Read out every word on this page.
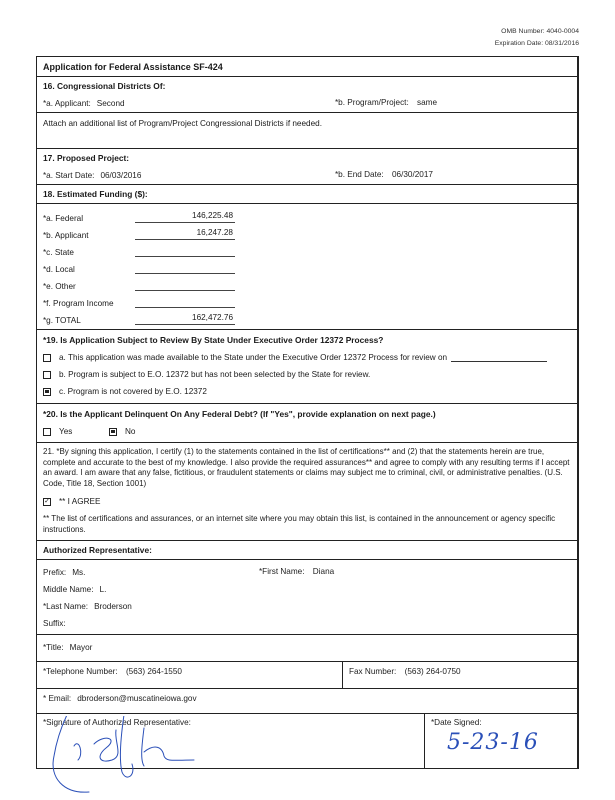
OMB Number: 4040-0004
Expiration Date: 08/31/2016
Application for Federal Assistance SF-424
16. Congressional Districts Of:
*a. Applicant: Second	*b. Program/Project: same
Attach an additional list of Program/Project Congressional Districts if needed.
17. Proposed Project:
*a. Start Date: 06/03/2016	*b. End Date: 06/30/2017
18. Estimated Funding ($):
*a. Federal	146,225.48
*b. Applicant	16,247.28
*c. State
*d. Local
*e. Other
*f. Program Income
*g. TOTAL	162,472.76
*19. Is Application Subject to Review By State Under Executive Order 12372 Process?
a. This application was made available to the State under the Executive Order 12372 Process for review on
b. Program is subject to E.O. 12372 but has not been selected by the State for review.
c. Program is not covered by E.O. 12372
*20. Is the Applicant Delinquent On Any Federal Debt? (If "Yes", provide explanation on next page.)
Yes	No
21. *By signing this application, I certify (1) to the statements contained in the list of certifications** and (2) that the statements herein are true, complete and accurate to the best of my knowledge. I also provide the required assurances** and agree to comply with any resulting terms if I accept an award. I am aware that any false, fictitious, or fraudulent statements or claims may subject me to criminal, civil, or administrative penalties. (U.S. Code, Title 18, Section 1001)
✓ ** I AGREE
** The list of certifications and assurances, or an internet site where you may obtain this list, is contained in the announcement or agency specific instructions.
Authorized Representative:
Prefix: Ms.	*First Name: Diana
Middle Name: L.
*Last Name: Broderson
Suffix:
*Title: Mayor
*Telephone Number: (563) 264-1550	Fax Number: (563) 264-0750
* Email: dbroderson@muscatineiowa.gov
*Signature of Authorized Representative:	*Date Signed:
5-23-16
